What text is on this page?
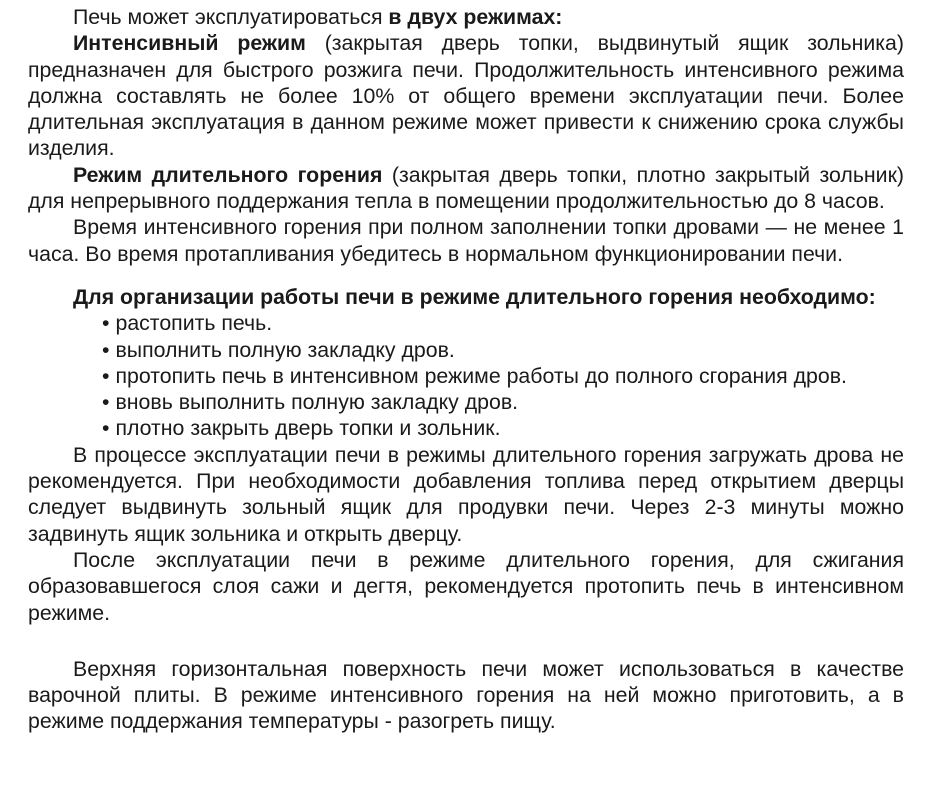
Печь может эксплуатироваться в двух режимах:

Интенсивный режим (закрытая дверь топки, выдвинутый ящик зольника) предназначен для быстрого розжига печи. Продолжительность интенсивного режима должна составлять не более 10% от общего времени эксплуатации печи. Более длительная эксплуатация в данном режиме может привести к снижению срока службы изделия.

Режим длительного горения (закрытая дверь топки, плотно закрытый зольник) для непрерывного поддержания тепла в помещении продолжительностью до 8 часов.

Время интенсивного горения при полном заполнении топки дровами — не менее 1 часа. Во время протапливания убедитесь в нормальном функционировании печи.

Для организации работы печи в режиме длительного горения необходимо:

• растопить печь.
• выполнить полную закладку дров.
• протопить печь в интенсивном режиме работы до полного сгорания дров.
• вновь выполнить полную закладку дров.
• плотно закрыть дверь топки и зольник.

В процессе эксплуатации печи в режимы длительного горения загружать дрова не рекомендуется. При необходимости добавления топлива перед открытием дверцы следует выдвинуть зольный ящик для продувки печи. Через 2-3 минуты можно задвинуть ящик зольника и открыть дверцу.

После эксплуатации печи в режиме длительного горения, для сжигания образовавшегося слоя сажи и дегтя, рекомендуется протопить печь в интенсивном режиме.

Верхняя горизонтальная поверхность печи может использоваться в качестве варочной плиты. В режиме интенсивного горения на ней можно приготовить, а в режиме поддержания температуры - разогреть пищу.
